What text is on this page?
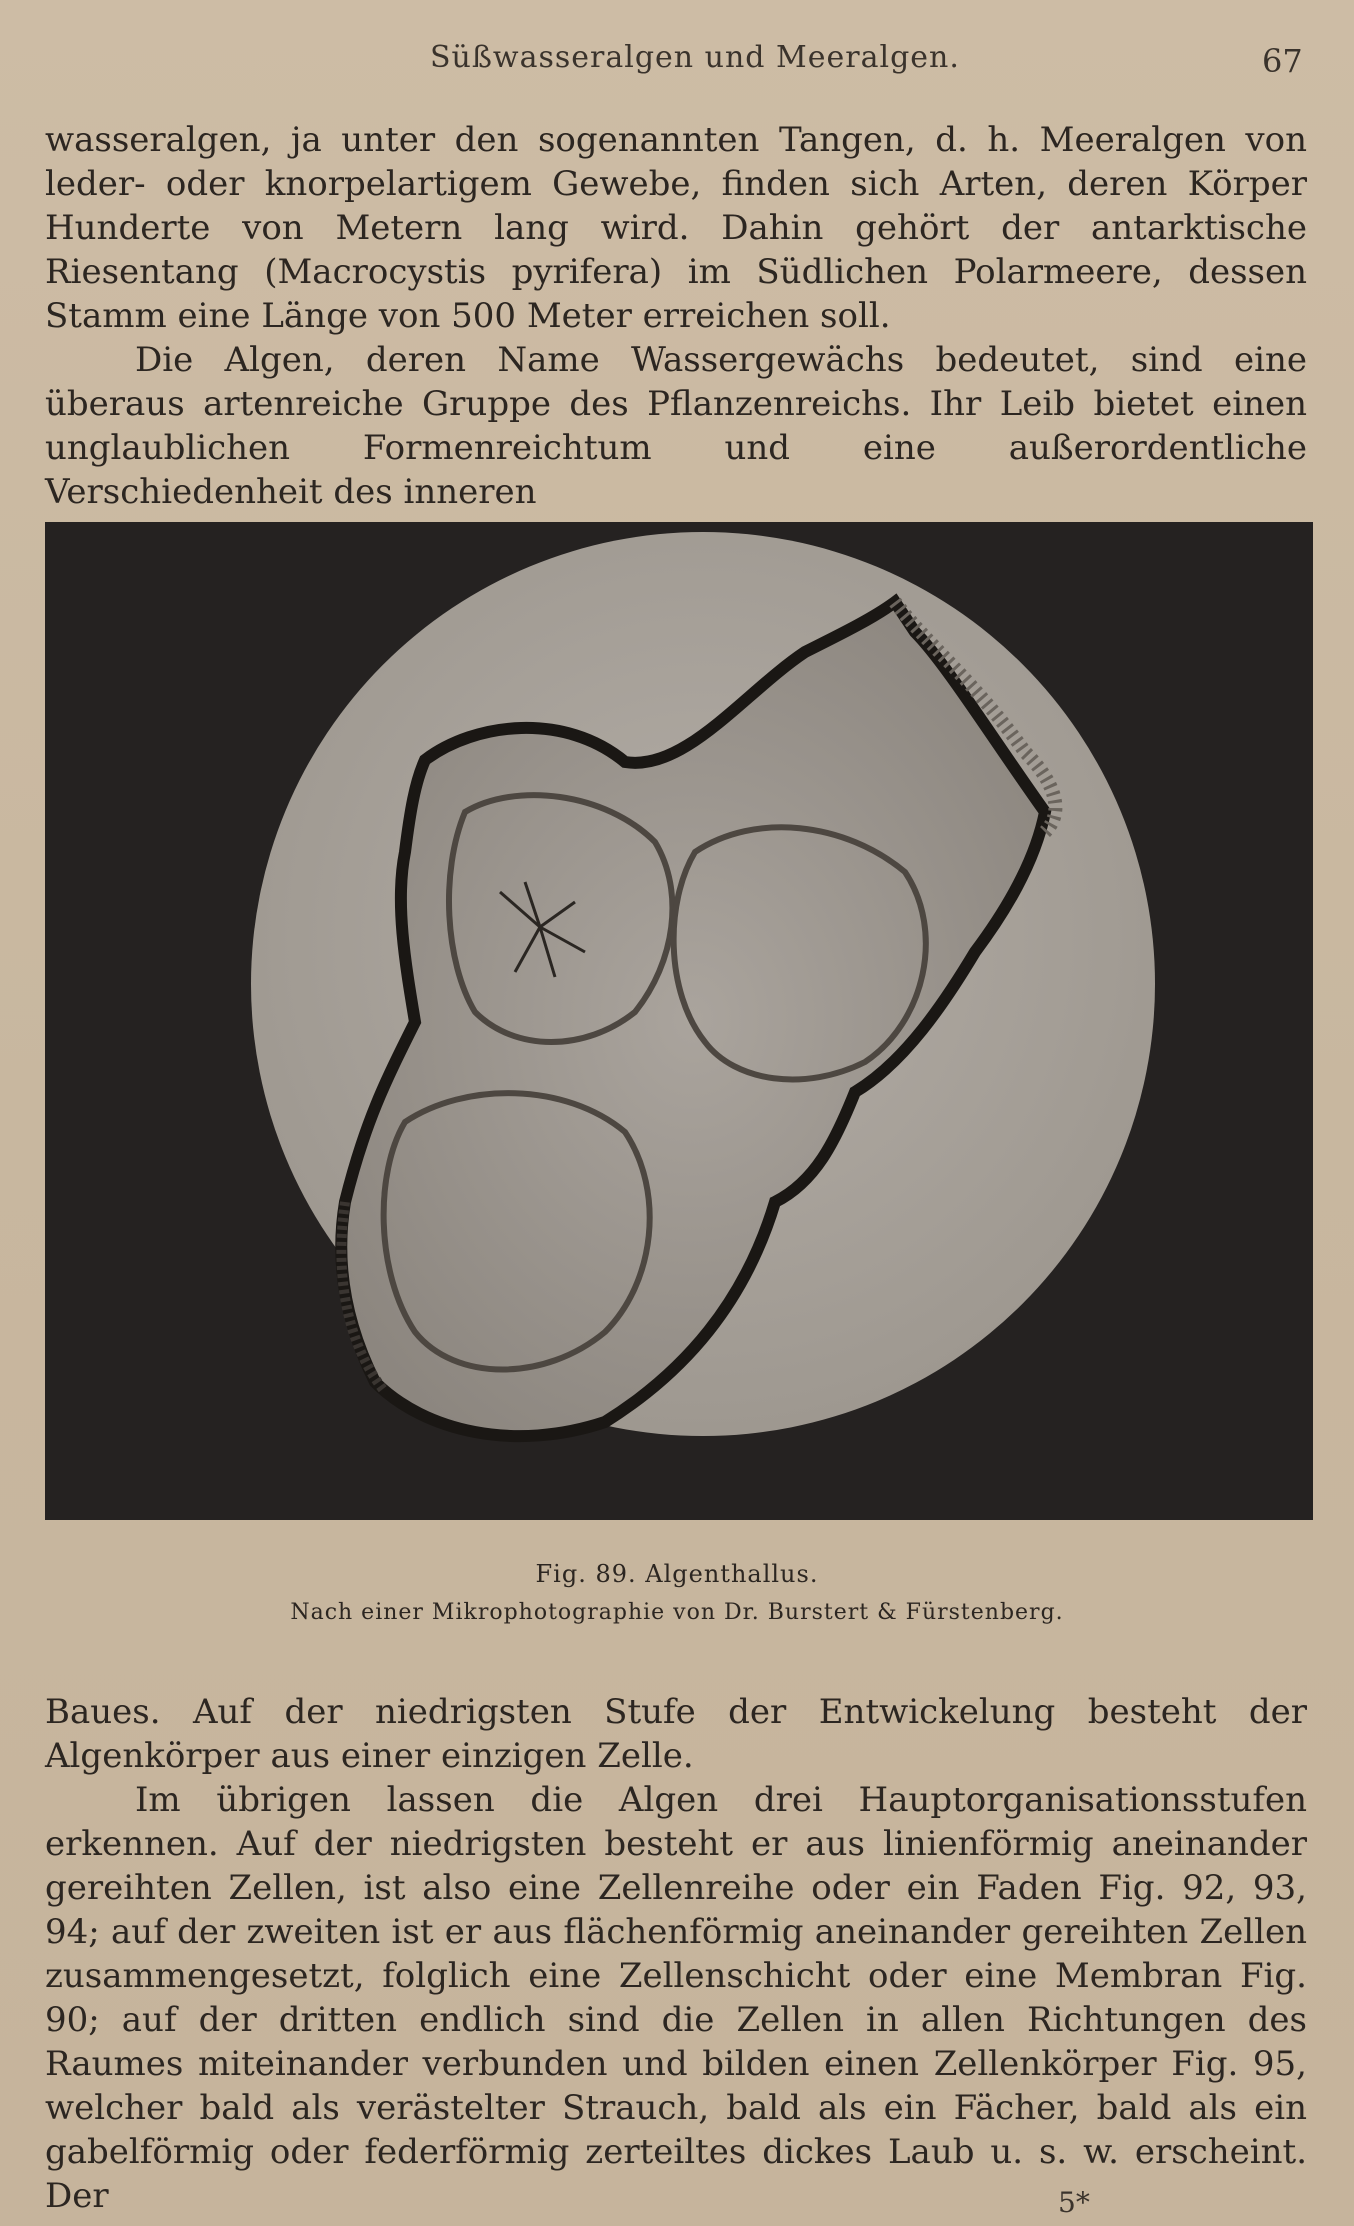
Süßwasseralgen und Meeralgen.	67

wasseralgen, ja unter den sogenannten Tangen, d. h. Meeralgen von leder- oder knorpelartigem Gewebe, finden sich Arten, deren Körper Hunderte von Metern lang wird. Dahin gehört der antarktische Riesentang (Macrocystis pyrifera) im Südlichen Polarmeere, dessen Stamm eine Länge von 500 Meter erreichen soll.

Die Algen, deren Name Wassergewächs bedeutet, sind eine überaus artenreiche Gruppe des Pflanzenreichs. Ihr Leib bietet einen unglaublichen Formenreichtum und eine außerordentliche Verschiedenheit des inneren

Fig. 89. Algenthallus.
Nach einer Mikrophotographie von Dr. Burstert & Fürstenberg.

Baues. Auf der niedrigsten Stufe der Entwickelung besteht der Algenkörper aus einer einzigen Zelle.

Im übrigen lassen die Algen drei Hauptorganisationsstufen erkennen. Auf der niedrigsten besteht er aus linienförmig aneinander gereihten Zellen, ist also eine Zellenreihe oder ein Faden Fig. 92, 93, 94; auf der zweiten ist er aus flächenförmig aneinander gereihten Zellen zusammengesetzt, folglich eine Zellenschicht oder eine Membran Fig. 90; auf der dritten endlich sind die Zellen in allen Richtungen des Raumes miteinander verbunden und bilden einen Zellenkörper Fig. 95, welcher bald als verästelter Strauch, bald als ein Fächer, bald als ein gabelförmig oder federförmig zerteiltes dickes Laub u. s. w. erscheint. Der	5*
